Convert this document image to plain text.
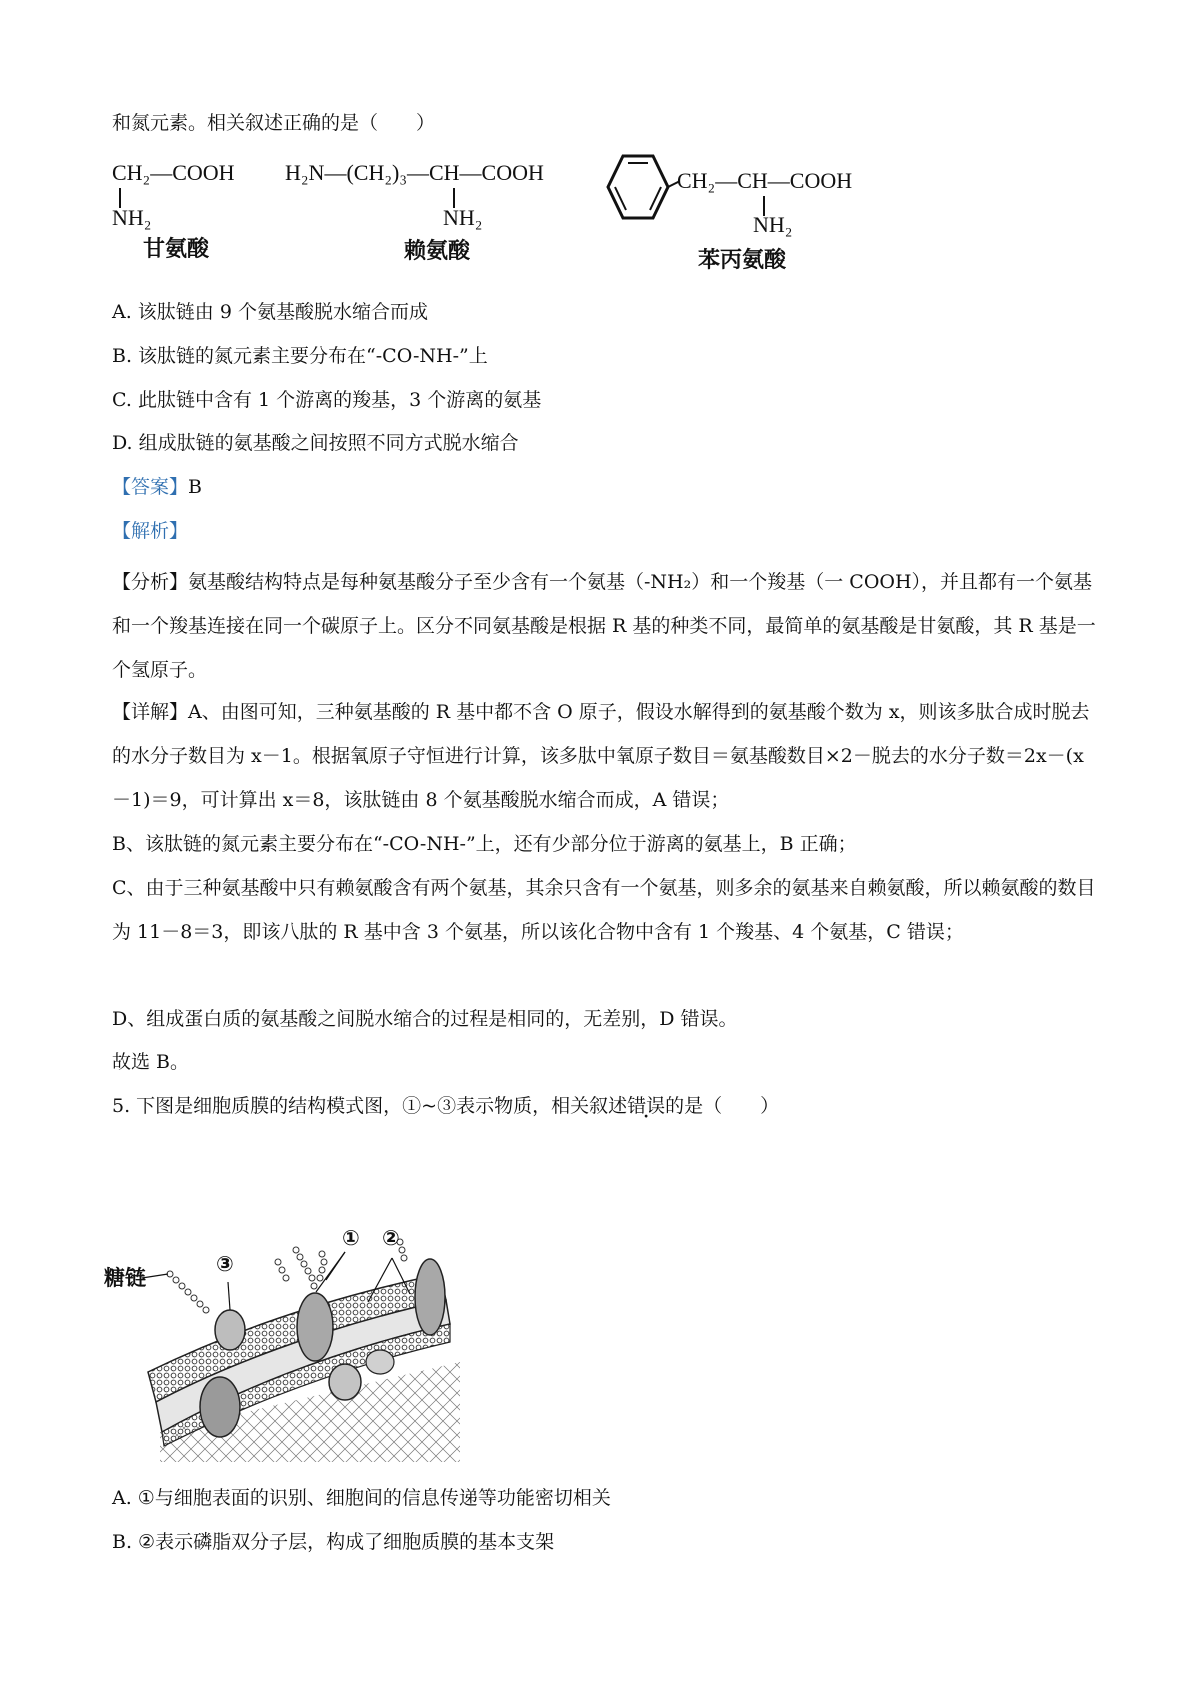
和氮元素。相关叙述正确的是（　　）
CH₂—COOH
NH₂
甘氨酸
H₂N—(CH₂)₃—CH—COOH
NH₂
赖氨酸
CH₂—CH—COOH
NH₂
苯丙氨酸
A. 该肽链由 9 个氨基酸脱水缩合而成
B. 该肽链的氮元素主要分布在“-CO-NH-”上
C. 此肽链中含有 1 个游离的羧基，3 个游离的氨基
D. 组成肽链的氨基酸之间按照不同方式脱水缩合
【答案】B
【解析】
【分析】氨基酸结构特点是每种氨基酸分子至少含有一个氨基（-NH₂）和一个羧基（一 COOH），并且都有一个氨基和一个羧基连接在同一个碳原子上。区分不同氨基酸是根据 R 基的种类不同，最简单的氨基酸是甘氨酸，其 R 基是一个氢原子。
【详解】A、由图可知，三种氨基酸的 R 基中都不含 O 原子，假设水解得到的氨基酸个数为 x，则该多肽合成时脱去的水分子数目为 x－1。根据氧原子守恒进行计算，该多肽中氧原子数目＝氨基酸数目×2－脱去的水分子数＝2x－(x－1)＝9，可计算出 x＝8，该肽链由 8 个氨基酸脱水缩合而成，A 错误；
B、该肽链的氮元素主要分布在“-CO-NH-”上，还有少部分位于游离的氨基上，B 正确；
C、由于三种氨基酸中只有赖氨酸含有两个氨基，其余只含有一个氨基，则多余的氨基来自赖氨酸，所以赖氨酸的数目为 11－8＝3，即该八肽的 R 基中含 3 个氨基，所以该化合物中含有 1 个羧基、4 个氨基，C 错误；
D、组成蛋白质的氨基酸之间脱水缩合的过程是相同的，无差别，D 错误。
故选 B。
5. 下图是细胞质膜的结构模式图，①~③表示物质，相关叙述错误的是（　　）
糖链
③
① ②
A. ①与细胞表面的识别、细胞间的信息传递等功能密切相关
B. ②表示磷脂双分子层，构成了细胞质膜的基本支架
